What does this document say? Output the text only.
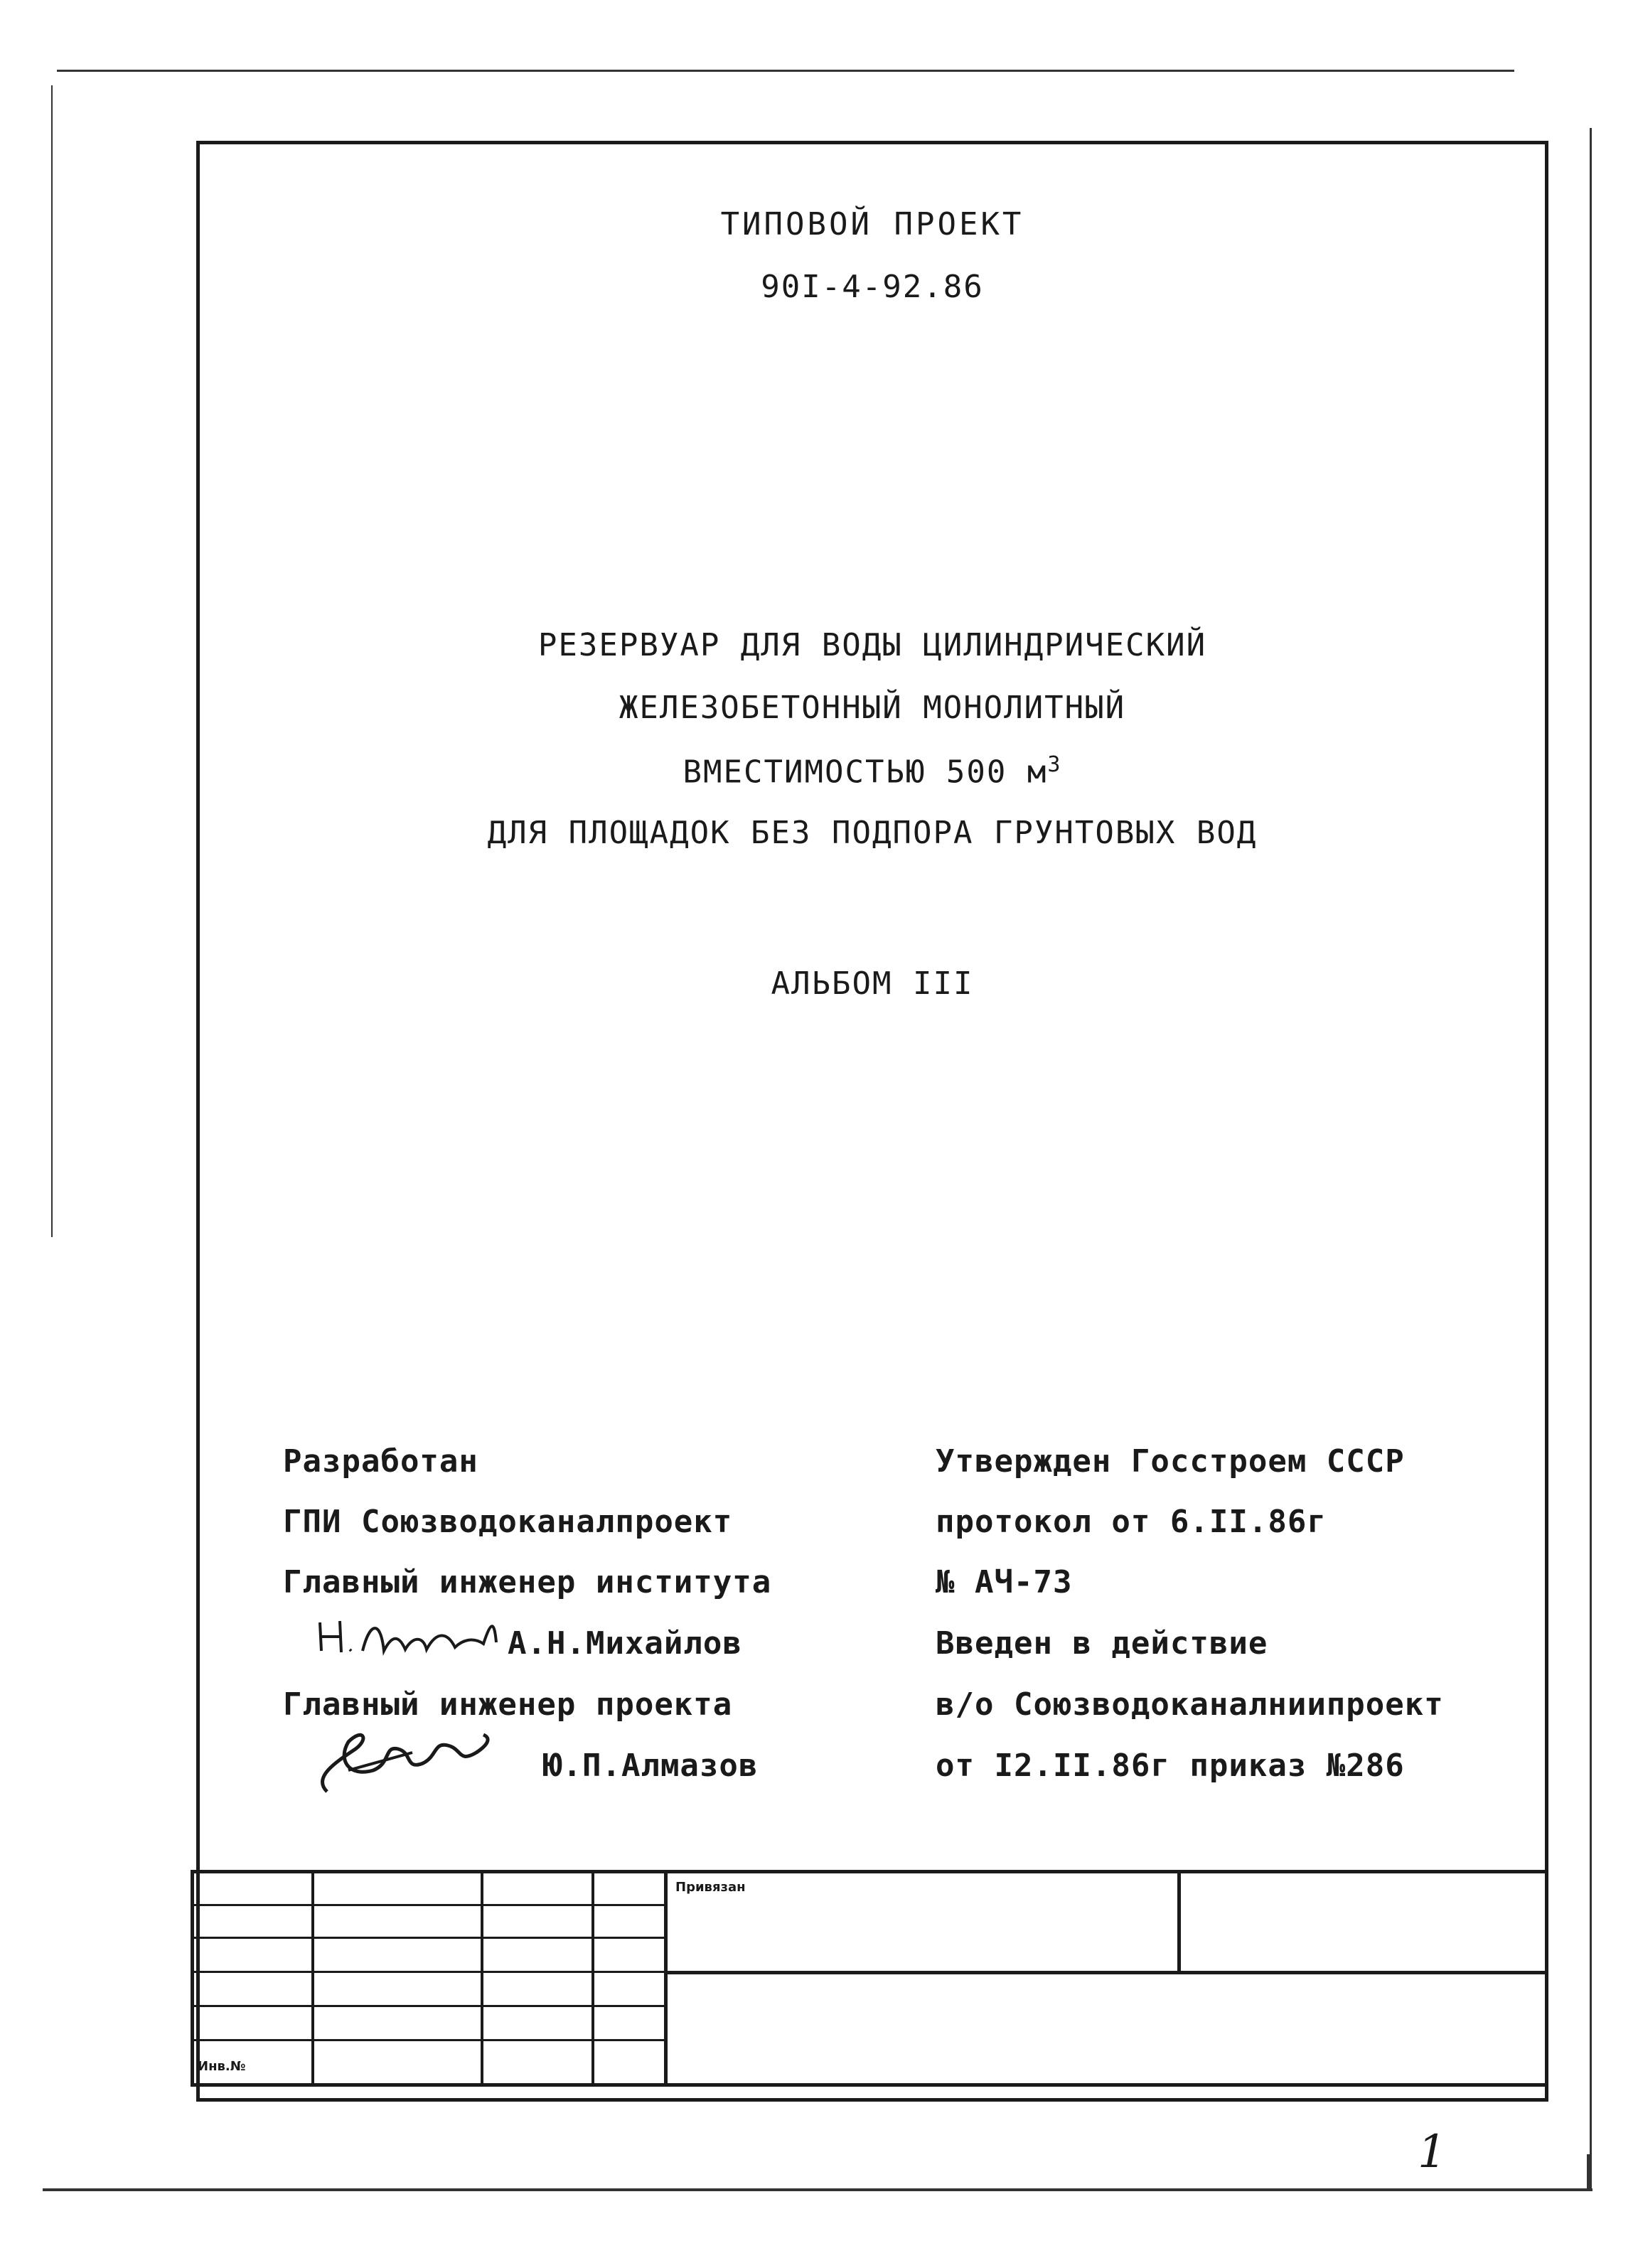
ТИПОВОЙ ПРОЕКТ
90I-4-92.86
РЕЗЕРВУАР ДЛЯ ВОДЫ ЦИЛИНДРИЧЕСКИЙ
ЖЕЛЕЗОБЕТОННЫЙ МОНОЛИТНЫЙ
ВМЕСТИМОСТЬЮ 500 $м^3$
ДЛЯ ПЛОЩАДОК БЕЗ ПОДПОРА ГРУНТОВЫХ ВОД
АЛЬБОМ III
Разработан
ГПИ Союзводоканалпроект
Главный инженер института
А.Н.Михайлов
Главный инженер проекта
Ю.П.Алмазов
Утвержден Госстроем СССР
протокол от 6.II.86г
№ АЧ-73
Введен в действие
в/о Союзводоканалниипроект
от I2.II.86г приказ №286
Привязан
Инв.№
1
